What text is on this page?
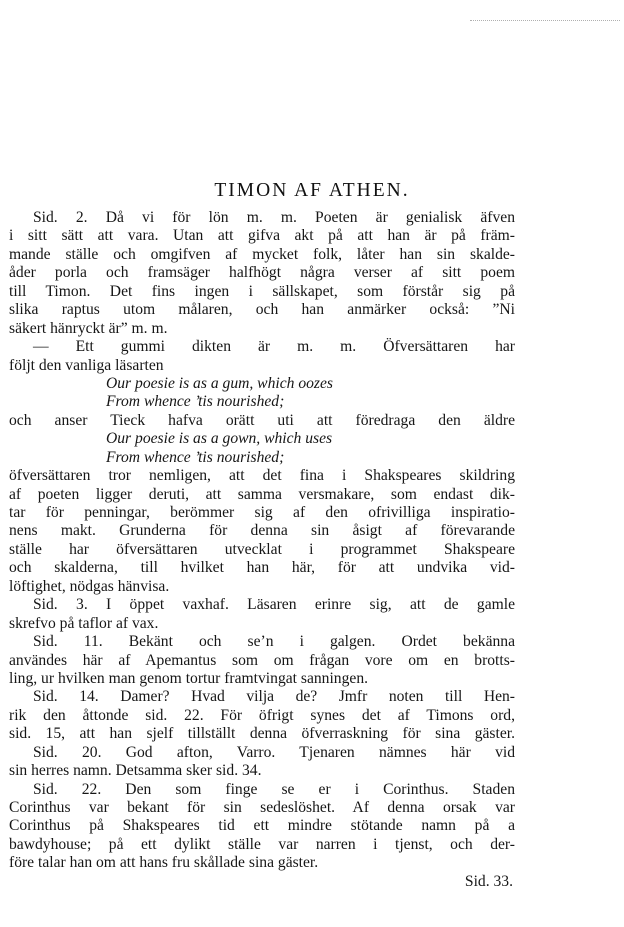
TIMON AF ATHEN.
Sid. 2. Då vi för lön m. m. Poeten är genialisk äfven
i sitt sätt att vara. Utan att gifva akt på att han är på främ-
mande ställe och omgifven af mycket folk, låter han sin skalde-
åder porla och framsäger halfhögt några verser af sitt poem
till Timon. Det fins ingen i sällskapet, som förstår sig på
slika raptus utom målaren, och han anmärker också: ”Ni
säkert hänryckt är” m. m.
— Ett gummi dikten är m. m. Öfversättaren har
följt den vanliga läsarten
Our poesie is as a gum, which oozes
From whence ’tis nourished;
och anser Tieck hafva orätt uti att föredraga den äldre
Our poesie is as a gown, which uses
From whence ’tis nourished;
öfversättaren tror nemligen, att det fina i Shakspeares skildring
af poeten ligger deruti, att samma versmakare, som endast dik-
tar för penningar, berömmer sig af den ofrivilliga inspiratio-
nens makt. Grunderna för denna sin åsigt af förevarande
ställe har öfversättaren utvecklat i programmet Shakspeare
och skalderna, till hvilket han här, för att undvika vid-
löftighet, nödgas hänvisa.
Sid. 3. I öppet vaxhaf. Läsaren erinre sig, att de gamle
skrefvo på taflor af vax.
Sid. 11. Bekänt och se’n i galgen. Ordet bekänna
användes här af Apemantus som om frågan vore om en brotts-
ling, ur hvilken man genom tortur framtvingat sanningen.
Sid. 14. Damer? Hvad vilja de? Jmfr noten till Hen-
rik den åttonde sid. 22. För öfrigt synes det af Timons ord,
sid. 15, att han sjelf tillställt denna öfverraskning för sina gäster.
Sid. 20. God afton, Varro. Tjenaren nämnes här vid
sin herres namn. Detsamma sker sid. 34.
Sid. 22. Den som finge se er i Corinthus. Staden
Corinthus var bekant för sin sedeslöshet. Af denna orsak var
Corinthus på Shakspeares tid ett mindre stötande namn på a
bawdyhouse; på ett dylikt ställe var narren i tjenst, och der-
före talar han om att hans fru skållade sina gäster.
Sid. 33.
